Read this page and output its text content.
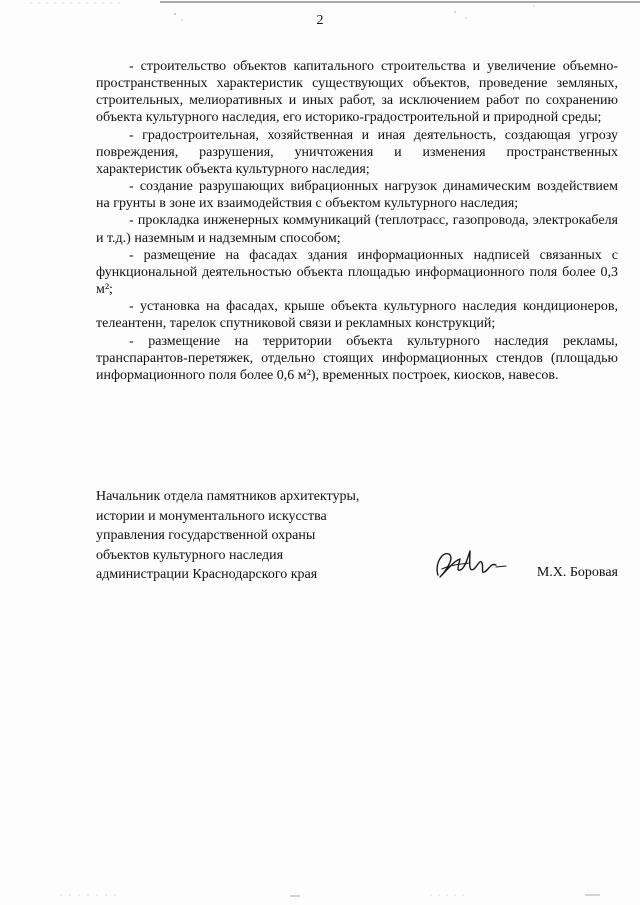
2

- строительство объектов капитального строительства и увеличение объемно-пространственных характеристик существующих объектов, проведение земляных, строительных, мелиоративных и иных работ, за исключением работ по сохранению объекта культурного наследия, его историко-градостроительной и природной среды;

- градостроительная, хозяйственная и иная деятельность, создающая угрозу повреждения, разрушения, уничтожения и изменения пространственных характеристик объекта культурного наследия;

- создание разрушающих вибрационных нагрузок динамическим воздействием на грунты в зоне их взаимодействия с объектом культурного наследия;

- прокладка инженерных коммуникаций (теплотрасс, газопровода, электрокабеля и т.д.) наземным и надземным способом;

- размещение на фасадах здания информационных надписей связанных с функциональной деятельностью объекта площадью информационного поля более 0,3 м²;

- установка на фасадах, крыше объекта культурного наследия кондиционеров, телеантенн, тарелок спутниковой связи и рекламных конструкций;

- размещение на территории объекта культурного наследия рекламы, транспарантов-перетяжек, отдельно стоящих информационных стендов (площадью информационного поля более 0,6 м²), временных построек, киосков, навесов.

Начальник отдела памятников архитектуры,
истории и монументального искусства
управления государственной охраны
объектов культурного наследия
администрации Краснодарского края	М.Х. Боровая
